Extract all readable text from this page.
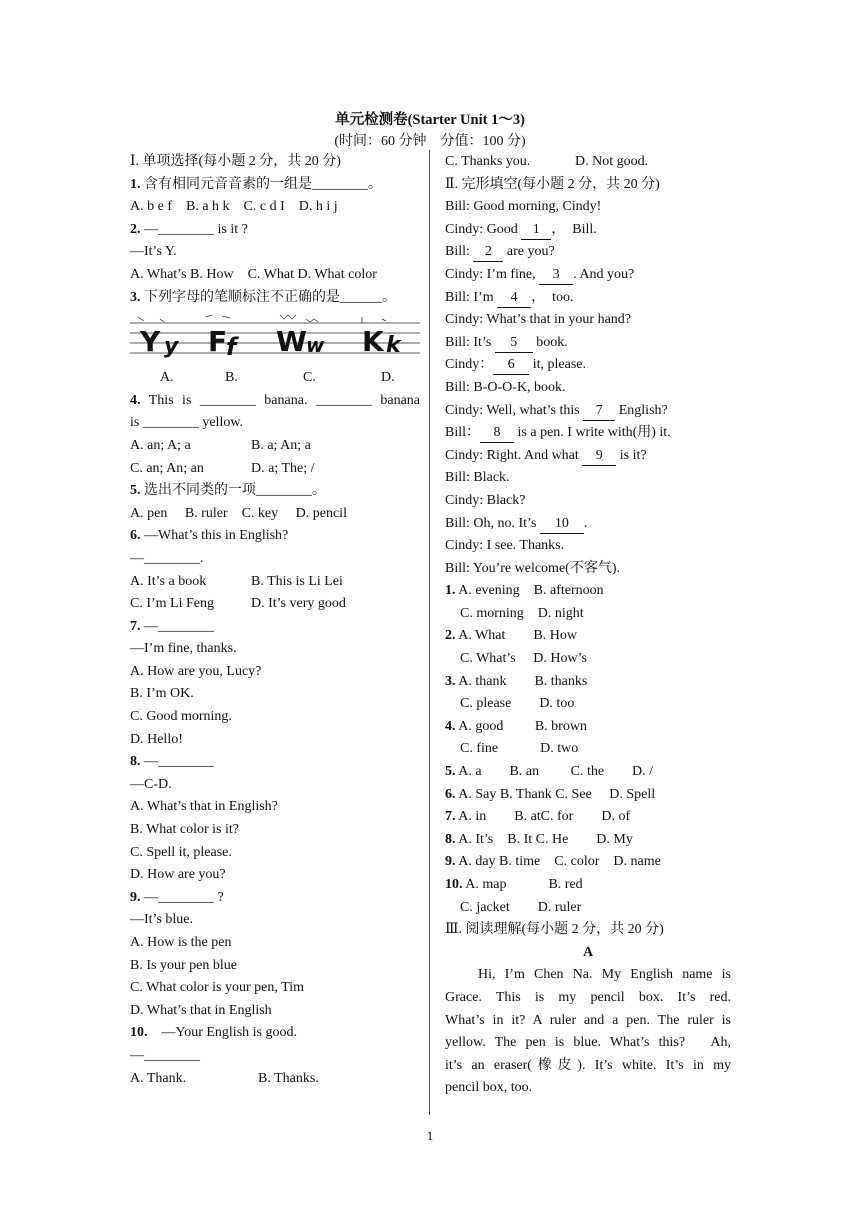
单元检测卷(Starter Unit 1～3)
(时间：60 分钟　分值：100 分)
Ⅰ. 单项选择(每小题 2 分，共 20 分)
1. 含有相同元音音素的一组是________。
A. b e f　B. a h k　C. c d I　D. h i j
2. —________ is it ?
—It’s Y.
A. What’s B. How　C. What D. What color
3. 下列字母的笔顺标注不正确的是______。
Y y F
f W w K k
A.	B.	C.	D.
4. This is ________ banana. ________ banana
is ________ yellow.
A. an; A; a	B. a; An; a
C. an; An; an	D. a; The; /
5. 选出不同类的一项________。
A. pen　 B. ruler　C. key　 D. pencil
6. —What’s this in English?
—________.
A. It’s a book	B. This is Li Lei
C. I’m Li Feng	D. It’s very good
7. —________
—I’m fine, thanks.
A. How are you, Lucy?
B. I’m OK.
C. Good morning.
D. Hello!
8. —________
—C-D.
A. What’s that in English?
B. What color is it?
C. Spell it, please.
D. How are you?
9. —________ ?
—It’s blue.
A. How is the pen
B. Is your pen blue
C. What color is your pen, Tim
D. What’s that in English
10.　—Your English is good.
—________
A. Thank.	B. Thanks.
C. Thanks you.	D. Not good.
Ⅱ. 完形填空(每小题 2 分，共 20 分)
Bill: Good morning, Cindy!
Cindy: Good 1 ，　Bill.
Bill: 2 are you?
Cindy: I’m fine, 3 . And you?
Bill: I’m 4 ，　too.
Cindy: What’s that in your hand?
Bill: It’s 5 book.
Cindy： 6 it, please.
Bill: B-O-O-K, book.
Cindy: Well, what’s this 7 English?
Bill： 8 is a pen. I write with(用) it.
Cindy: Right. And what 9 is it?
Bill: Black.
Cindy: Black?
Bill: Oh, no. It’s 10 .
Cindy: I see. Thanks.
Bill: You’re welcome(不客气).
1. A. evening　B. afternoon
C. morning　D. night
2. A. What　　B. How
C. What’s　 D. How’s
3. A. thank　　B. thanks
C. please　　D. too
4. A. good　　 B. brown
C. fine　　　D. two
5. A. a　　B. an　　 C. the　　D. /
6. A. Say B. Thank C. See　 D. Spell
7. A. in　　B. atC. for　　D. of
8. A. It’s　B. It C. He　　D. My
9. A. day B. time　C. color　D. name
10. A. map　　　B. red
C. jacket　　D. ruler
Ⅲ. 阅读理解(每小题 2 分，共 20 分)
A
Hi, I’m Chen Na. My English name is
Grace. This is my pencil box. It’s red.
What’s in it? A ruler and a pen. The ruler is
yellow. The pen is blue. What’s this?　Ah,
it’s an eraser(橡皮). It’s white. It’s in my
pencil box, too.
1
